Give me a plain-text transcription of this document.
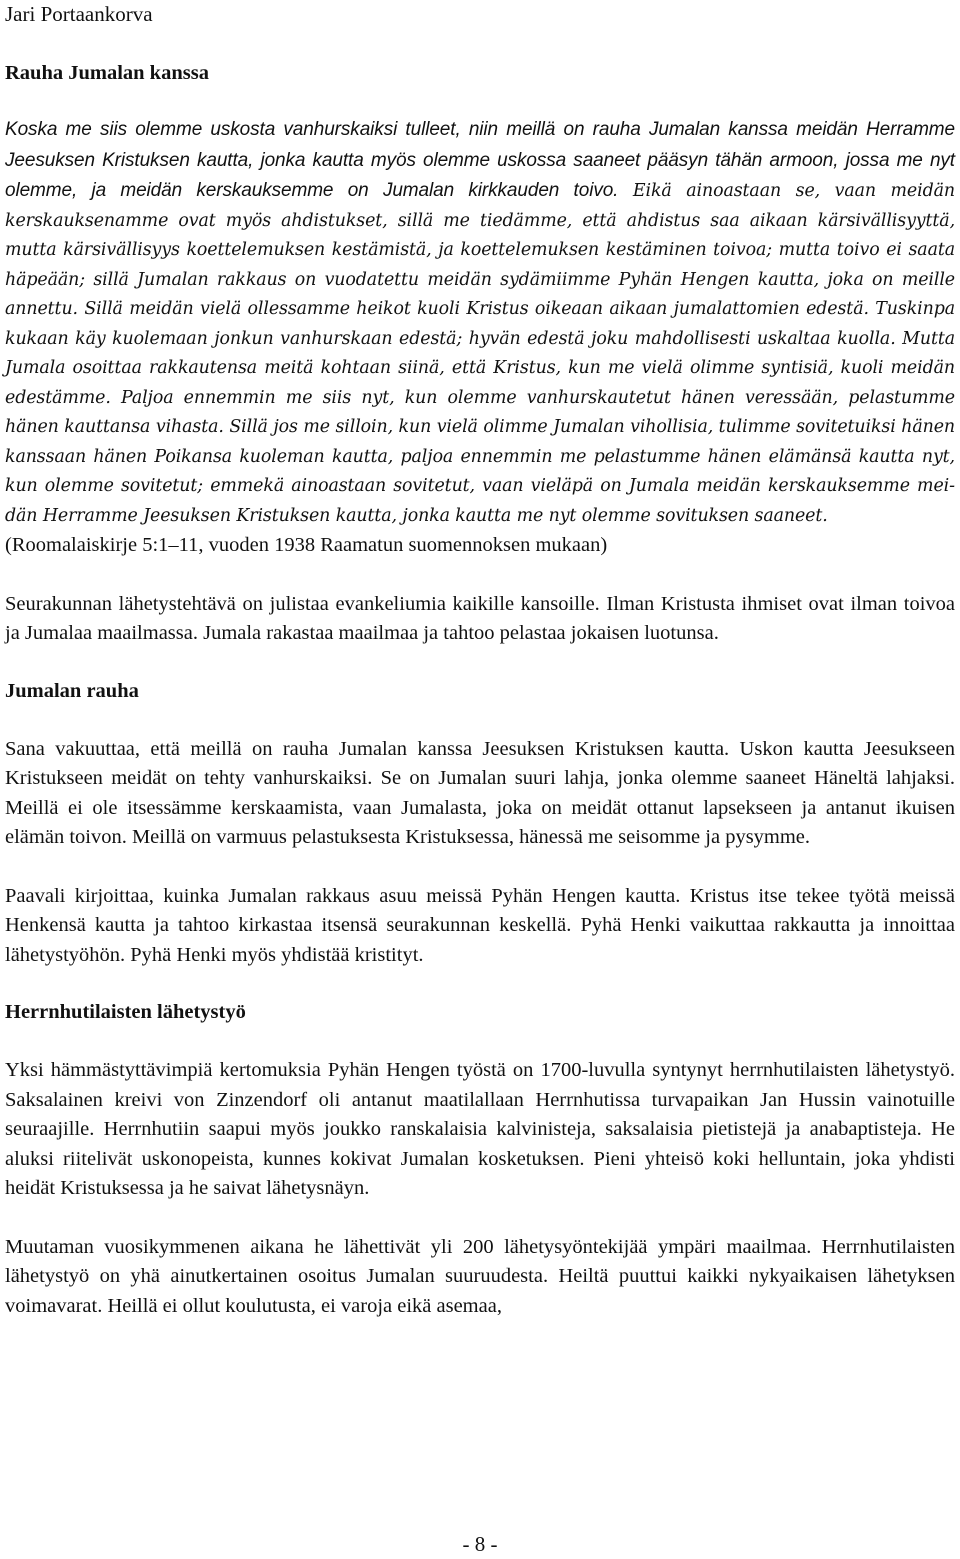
Jari Portaankorva
Rauha Jumalan kanssa

Koska me siis olemme uskosta vanhurskaiksi tulleet, niin meillä on rauha Jumalan kanssa meidän Herramme Jeesuksen Kristuksen kautta, jonka kautta myös olemme uskossa saaneet pääsyn tähän armoon, jossa me nyt olemme, ja meidän kerskauksemme on Jumalan kirkkauden toivo. Eikä ainoastaan se, vaan meidän kerskauksenamme ovat myös ahdistukset, sillä me tiedämme, että ahdistus saa aikaan kärsivällisyyttä, mutta kärsivällisyys koettelemuksen kestämistä, ja koettelemuksen kestäminen toivoa; mutta toivo ei saata häpeään; sillä Jumalan rakkaus on vuodatettu meidän sydämiimme Pyhän Hengen kautta, joka on meille annettu. Sillä meidän vielä ollessamme heikot kuoli Kristus oikeaan aikaan jumalattomien edestä. Tuskinpa kukaan käy kuolemaan jonkun vanhurskaan edestä; hyvän edestä joku mahdollisesti uskaltaa kuolla. Mutta Jumala osoittaa rakkautensa meitä kohtaan siinä, että Kristus, kun me vielä olimme syntisiä, kuoli meidän edestämme. Paljoa ennemmin me siis nyt, kun olemme vanhurskautetut hänen veressään, pelastumme hänen kauttansa vihasta. Sillä jos me silloin, kun vielä olimme Jumalan vihollisia, tulimme sovitetuiksi hänen kanssaan hänen Poikansa kuoleman kautta, paljoa ennemmin me pelastumme hänen elämänsä kautta nyt, kun olemme sovitetut; emmekä ainoastaan sovitetut, vaan vieläpä on Jumala meidän kerskauksemme meidän Herramme Jeesuksen Kristuksen kautta, jonka kautta me nyt olemme sovituksen saaneet.

(Roomalaiskirje 5:1–11, vuoden 1938 Raamatun suomennoksen mukaan)

Seurakunnan lähetystehtävä on julistaa evankeliumia kaikille kansoille. Ilman Kristusta ihmiset ovat ilman toivoa ja Jumalaa maailmassa. Jumala rakastaa maailmaa ja tahtoo pelastaa jokaisen luotunsa.

Jumalan rauha

Sana vakuuttaa, että meillä on rauha Jumalan kanssa Jeesuksen Kristuksen kautta. Uskon kautta Jeesukseen Kristukseen meidät on tehty vanhurskaiksi. Se on Jumalan suuri lahja, jonka olemme saaneet Häneltä lahjaksi. Meillä ei ole itsessämme kerskaamista, vaan Jumalasta, joka on meidät ottanut lapsekseen ja antanut ikuisen elämän toivon. Meillä on varmuus pelastuksesta Kristuksessa, hänessä me seisomme ja pysymme.

Paavali kirjoittaa, kuinka Jumalan rakkaus asuu meissä Pyhän Hengen kautta. Kristus itse tekee työtä meissä Henkensä kautta ja tahtoo kirkastaa itsensä seurakunnan keskellä. Pyhä Henki vaikuttaa rakkautta ja innoittaa lähetystyöhön. Pyhä Henki myös yhdistää kristityt.

Herrnhutilaisten lähetystyö

Yksi hämmästyttävimpiä kertomuksia Pyhän Hengen työstä on 1700-luvulla syntynyt herrnhutilaisten lähetystyö. Saksalainen kreivi von Zinzendorf oli antanut maatilallaan Herrnhutissa turvapaikan Jan Hussin vainotuille seuraajille. Herrnhutiin saapui myös joukko ranskalaisia kalvinisteja, saksalaisia pietistejä ja anabaptisteja. He aluksi riitelivät uskonopeista, kunnes kokivat Jumalan kosketuksen. Pieni yhteisö koki helluntain, joka yhdisti heidät Kristuksessa ja he saivat lähetysnäyn.

Muutaman vuosikymmenen aikana he lähettivät yli 200 lähetysyöntekijää ympäri maailmaa. Herrnhutilaisten lähetystyö on yhä ainutkertainen osoitus Jumalan suuruudesta. Heiltä puuttui kaikki nykyaikaisen lähetyksen voimavarat. Heillä ei ollut koulutusta, ei varoja eikä asemaa,

- 8 -
